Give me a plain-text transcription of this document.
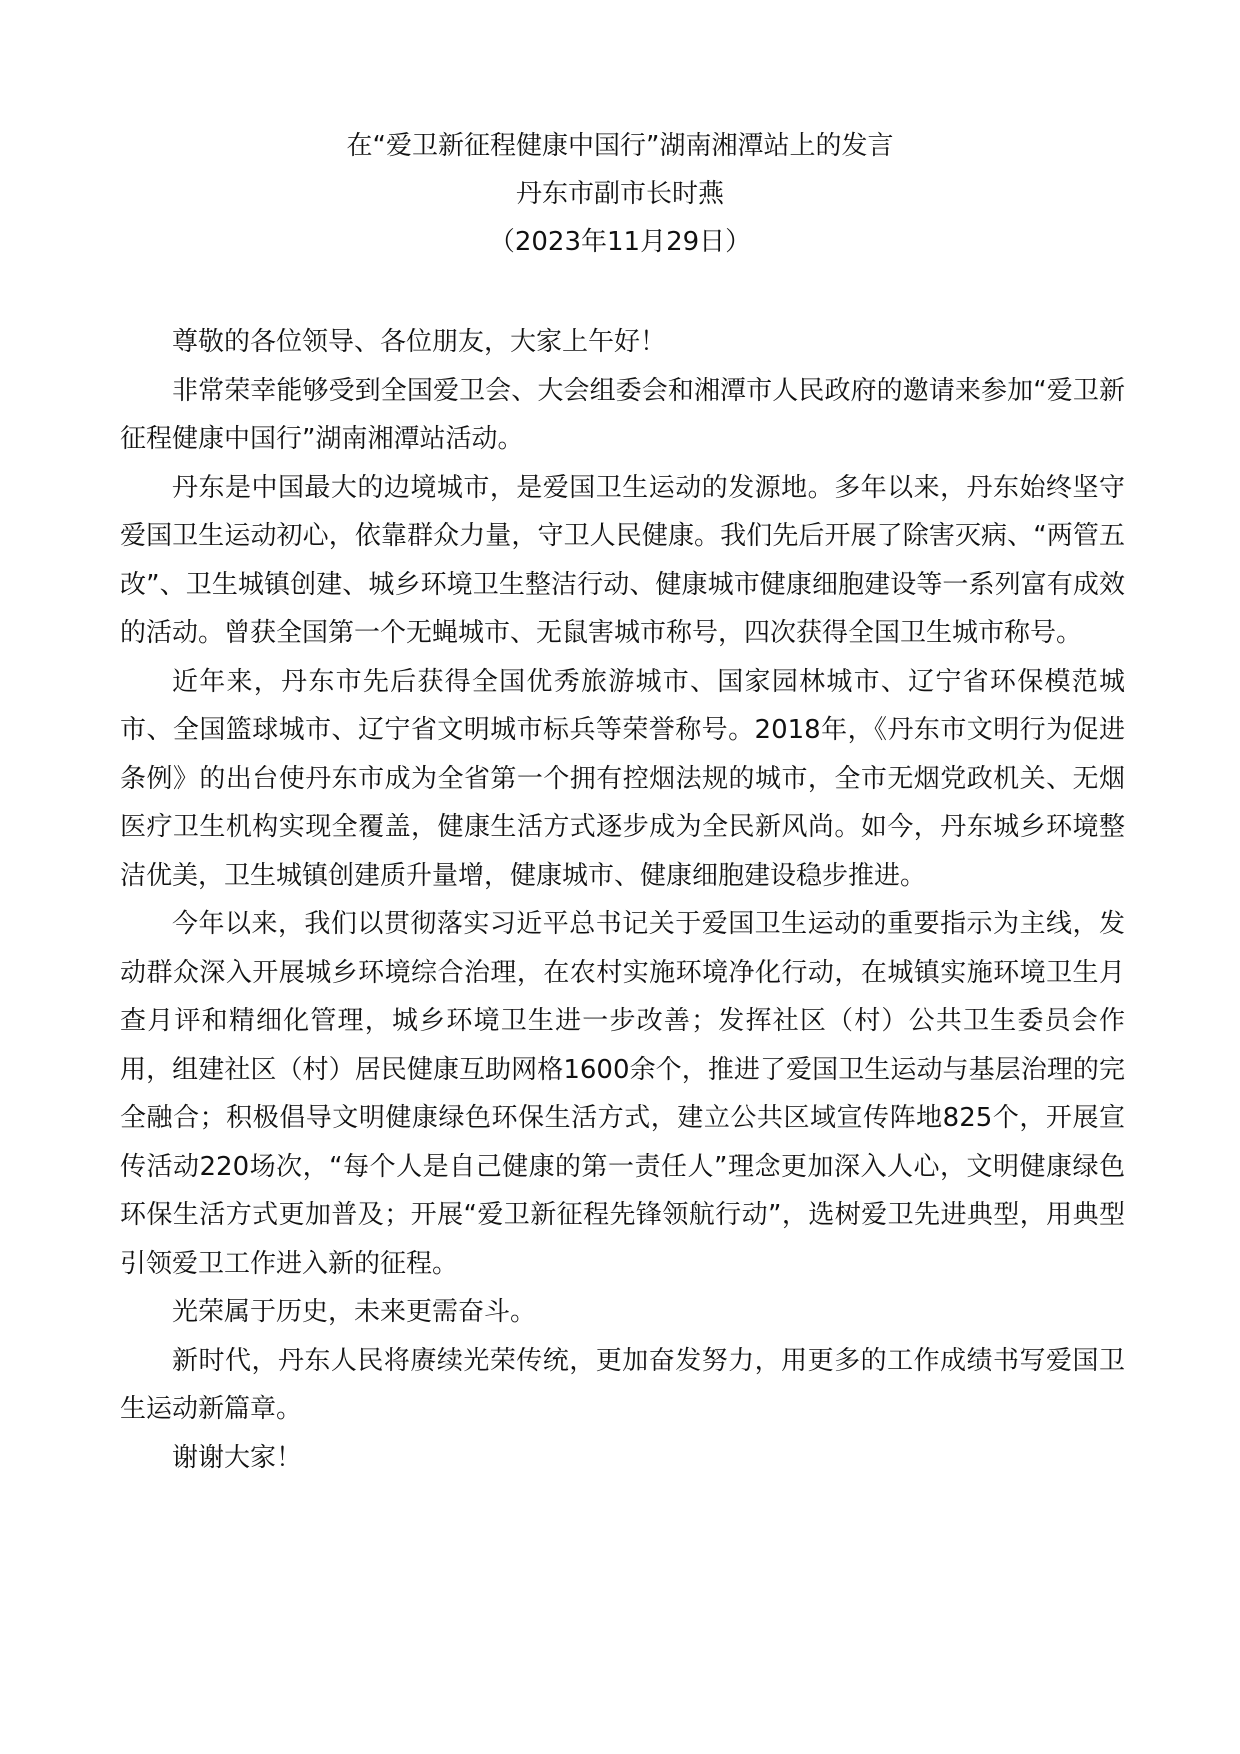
在“爱卫新征程健康中国行”湖南湘潭站上的发言
丹东市副市长时燕
（2023年11月29日）

尊敬的各位领导、各位朋友，大家上午好！

非常荣幸能够受到全国爱卫会、大会组委会和湘潭市人民政府的邀请来参加“爱卫新征程健康中国行”湖南湘潭站活动。

丹东是中国最大的边境城市，是爱国卫生运动的发源地。多年以来，丹东始终坚守爱国卫生运动初心，依靠群众力量，守卫人民健康。我们先后开展了除害灭病、“两管五改”、卫生城镇创建、城乡环境卫生整洁行动、健康城市健康细胞建设等一系列富有成效的活动。曾获全国第一个无蝇城市、无鼠害城市称号，四次获得全国卫生城市称号。

近年来，丹东市先后获得全国优秀旅游城市、国家园林城市、辽宁省环保模范城市、全国篮球城市、辽宁省文明城市标兵等荣誉称号。2018年，《丹东市文明行为促进条例》的出台使丹东市成为全省第一个拥有控烟法规的城市，全市无烟党政机关、无烟医疗卫生机构实现全覆盖，健康生活方式逐步成为全民新风尚。如今，丹东城乡环境整洁优美，卫生城镇创建质升量增，健康城市、健康细胞建设稳步推进。

今年以来，我们以贯彻落实习近平总书记关于爱国卫生运动的重要指示为主线，发动群众深入开展城乡环境综合治理，在农村实施环境净化行动，在城镇实施环境卫生月查月评和精细化管理，城乡环境卫生进一步改善；发挥社区（村）公共卫生委员会作用，组建社区（村）居民健康互助网格1600余个，推进了爱国卫生运动与基层治理的完全融合；积极倡导文明健康绿色环保生活方式，建立公共区域宣传阵地825个，开展宣传活动220场次，“每个人是自己健康的第一责任人”理念更加深入人心，文明健康绿色环保生活方式更加普及；开展“爱卫新征程先锋领航行动”，选树爱卫先进典型，用典型引领爱卫工作进入新的征程。

光荣属于历史，未来更需奋斗。

新时代，丹东人民将赓续光荣传统，更加奋发努力，用更多的工作成绩书写爱国卫生运动新篇章。

谢谢大家！
